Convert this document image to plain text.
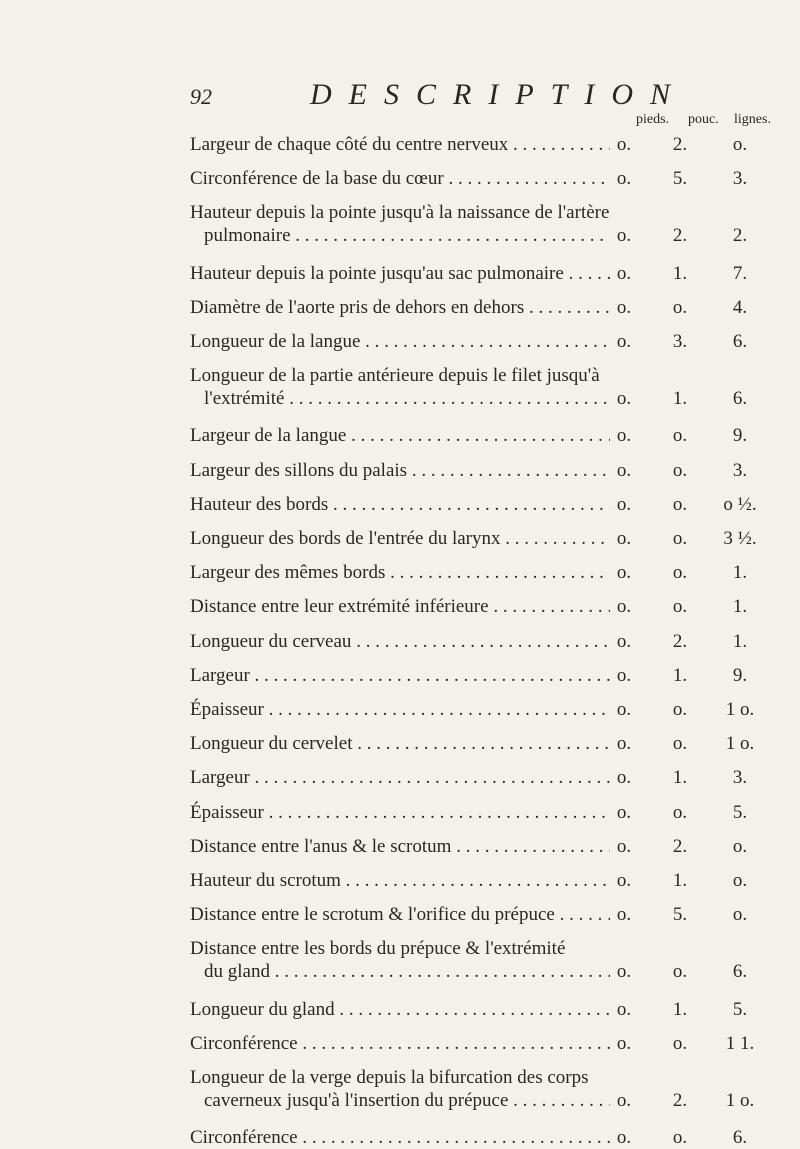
92	DESCRIPTION
pieds. pouc. lignes.
Largeur de chaque côté du centre nerveux . . .	o.	2.	o.
Circonférence de la base du cœur . . .	o.	5.	3.
Hauteur depuis la pointe jusqu'à la naissance de l'artère
pulmonaire . . .	o.	2.	2.
Hauteur depuis la pointe jusqu'au sac pulmonaire . . .	o.	1.	7.
Diamètre de l'aorte pris de dehors en dehors . . .	o.	o.	4.
Longueur de la langue . . .	o.	3.	6.
Longueur de la partie antérieure depuis le filet jusqu'à
l'extrémité . . .	o.	1.	6.
Largeur de la langue . . .	o.	o.	9.
Largeur des sillons du palais . . .	o.	o.	3.
Hauteur des bords . . .	o.	o.	o ½.
Longueur des bords de l'entrée du larynx . . .	o.	o.	3 ½.
Largeur des mêmes bords . . .	o.	o.	1.
Distance entre leur extrémité inférieure . . .	o.	o.	1.
Longueur du cerveau . . .	o.	2.	1.
Largeur . . .	o.	1.	9.
Épaisseur . . .	o.	o.	1 o.
Longueur du cervelet . . .	o.	o.	1 o.
Largeur . . .	o.	1.	3.
Épaisseur . . .	o.	o.	5.
Distance entre l'anus & le scrotum . . .	o.	2.	o.
Hauteur du scrotum . . .	o.	1.	o.
Distance entre le scrotum & l'orifice du prépuce . . .	o.	5.	o.
Distance entre les bords du prépuce & l'extrémité
du gland . . .	o.	o.	6.
Longueur du gland . . .	o.	1.	5.
Circonférence . . .	o.	o.	1 1.
Longueur de la verge depuis la bifurcation des corps
caverneux jusqu'à l'insertion du prépuce . . .	o.	2.	1 o.
Circonférence . . .	o.	o.	6.
